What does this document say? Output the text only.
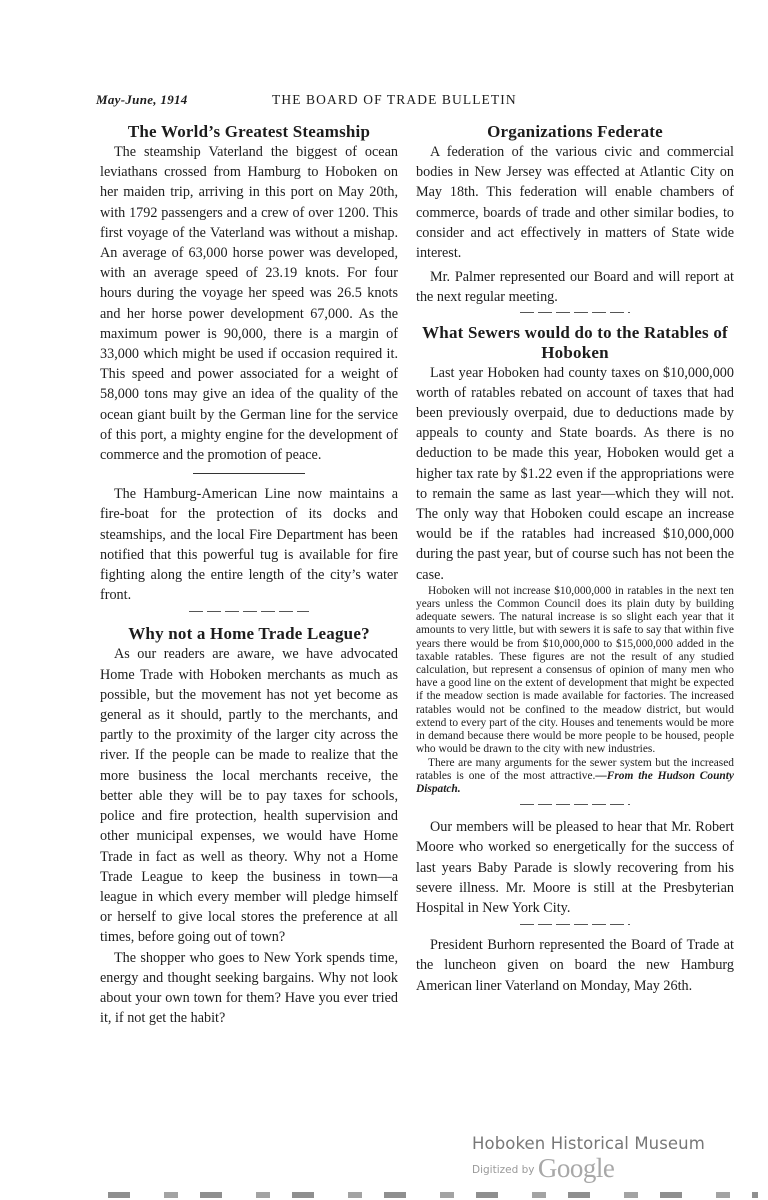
May-June, 1914	THE BOARD OF TRADE BULLETIN
The World’s Greatest Steamship

The steamship Vaterland the biggest of ocean leviathans crossed from Hamburg to Hoboken on her maiden trip, arriving in this port on May 20th, with 1792 passengers and a crew of over 1200. This first voyage of the Vaterland was without a mishap. An average of 63,000 horse power was developed, with an average speed of 23.19 knots. For four hours during the voyage her speed was 26.5 knots and her horse power development 67,000. As the maximum power is 90,000, there is a margin of 33,000 which might be used if occasion required it. This speed and power associated for a weight of 58,000 tons may give an idea of the quality of the ocean giant built by the German line for the service of this port, a mighty engine for the development of commerce and the promotion of peace.

The Hamburg-American Line now maintains a fire-boat for the protection of its docks and steamships, and the local Fire Department has been notified that this powerful tug is available for fire fighting along the entire length of the city’s water front.

Why not a Home Trade League?

As our readers are aware, we have advocated Home Trade with Hoboken merchants as much as possible, but the movement has not yet become as general as it should, partly to the merchants, and partly to the proximity of the larger city across the river. If the people can be made to realize that the more business the local merchants receive, the better able they will be to pay taxes for schools, police and fire protection, health supervision and other municipal expenses, we would have Home Trade in fact as well as theory. Why not a Home Trade League to keep the business in town—a league in which every member will pledge himself or herself to give local stores the preference at all times, before going out of town?

The shopper who goes to New York spends time, energy and thought seeking bargains. Why not look about your own town for them? Have you ever tried it, if not get the habit?

Organizations Federate

A federation of the various civic and commercial bodies in New Jersey was effected at Atlantic City on May 18th. This federation will enable chambers of commerce, boards of trade and other similar bodies, to consider and act effectively in matters of State wide interest.

Mr. Palmer represented our Board and will report at the next regular meeting.

What Sewers would do to the Ratables of Hoboken

Last year Hoboken had county taxes on $10,000,000 worth of ratables rebated on account of taxes that had been previously overpaid, due to deductions made by appeals to county and State boards. As there is no deduction to be made this year, Hoboken would get a higher tax rate by $1.22 even if the appropriations were to remain the same as last year—which they will not. The only way that Hoboken could escape an increase would be if the ratables had increased $10,000,000 during the past year, but of course such has not been the case.

Hoboken will not increase $10,000,000 in ratables in the next ten years unless the Common Council does its plain duty by building adequate sewers. The natural increase is so slight each year that it amounts to very little, but with sewers it is safe to say that within five years there would be from $10,000,000 to $15,000,000 added in the taxable ratables. These figures are not the result of any studied calculation, but represent a consensus of opinion of many men who have a good line on the extent of development that might be expected if the meadow section is made available for factories. The increased ratables would not be confined to the meadow district, but would extend to every part of the city. Houses and tenements would be more in demand because there would be more people to be housed, people who would be drawn to the city with new industries.

There are many arguments for the sewer system but the increased ratables is one of the most attractive.—From the Hudson County Dispatch.

Our members will be pleased to hear that Mr. Robert Moore who worked so energetically for the success of last years Baby Parade is slowly recovering from his severe illness. Mr. Moore is still at the Presbyterian Hospital in New York City.

President Burhorn represented the Board of Trade at the luncheon given on board the new Hamburg American liner Vaterland on Monday, May 26th.

Hoboken Historical Museum
Digitized by Google
